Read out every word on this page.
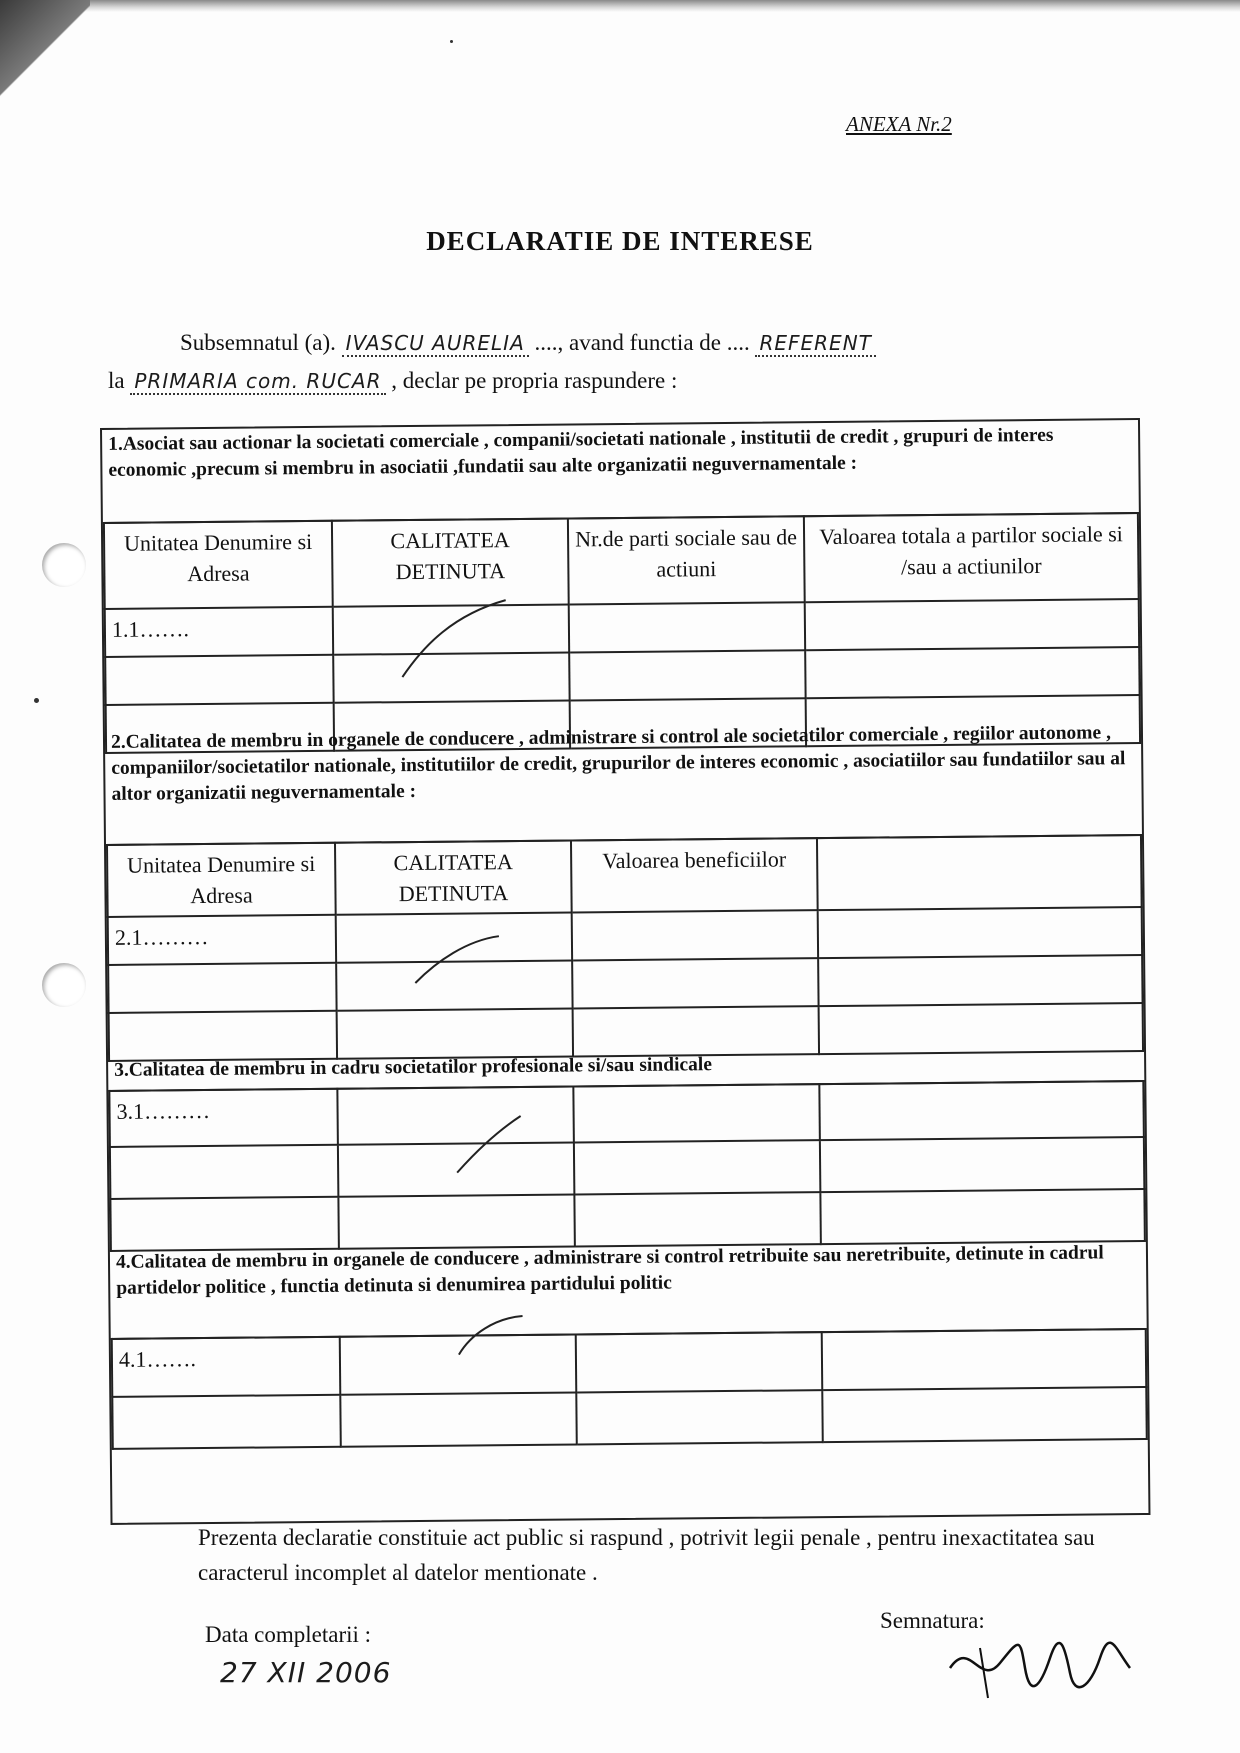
ANEXA Nr.2
DECLARATIE DE INTERESE
Subsemnatul (a). IVASCU AURELIA ...., avand functia de .... REFERENT
la PRIMARIA com. RUCAR , declar pe propria raspundere :
1.Asociat sau actionar la societati comerciale , companii/societati nationale , institutii de credit , grupuri de interes economic ,precum si membru in asociatii ,fundatii sau alte organizatii neguvernamentale :
Unitatea Denumire si Adresa	CALITATEA DETINUTA	Nr.de parti sociale sau de actiuni	Valoarea totala a partilor sociale si /sau a actiunilor
1.1…….			

2.Calitatea de membru in organele de conducere , administrare si control ale societatilor comerciale , regiilor autonome , companiilor/societatilor nationale, institutiilor de credit, grupurilor de interes economic , asociatiilor sau fundatiilor sau al altor organizatii neguvernamentale :
Unitatea Denumire si Adresa	CALITATEA DETINUTA	Valoarea beneficiilor	
2.1………			

3.Calitatea de membru in cadru societatilor profesionale si/sau sindicale
3.1………			

4.Calitatea de membru in organele de conducere , administrare si control retribuite sau neretribuite, detinute in cadrul partidelor politice , functia detinuta si denumirea partidului politic
4.1…….			

Prezenta declaratie constituie act public si raspund , potrivit legii penale , pentru inexactitatea sau caracterul incomplet al datelor mentionate .
Data completarii :
27 XII 2006
Semnatura:
